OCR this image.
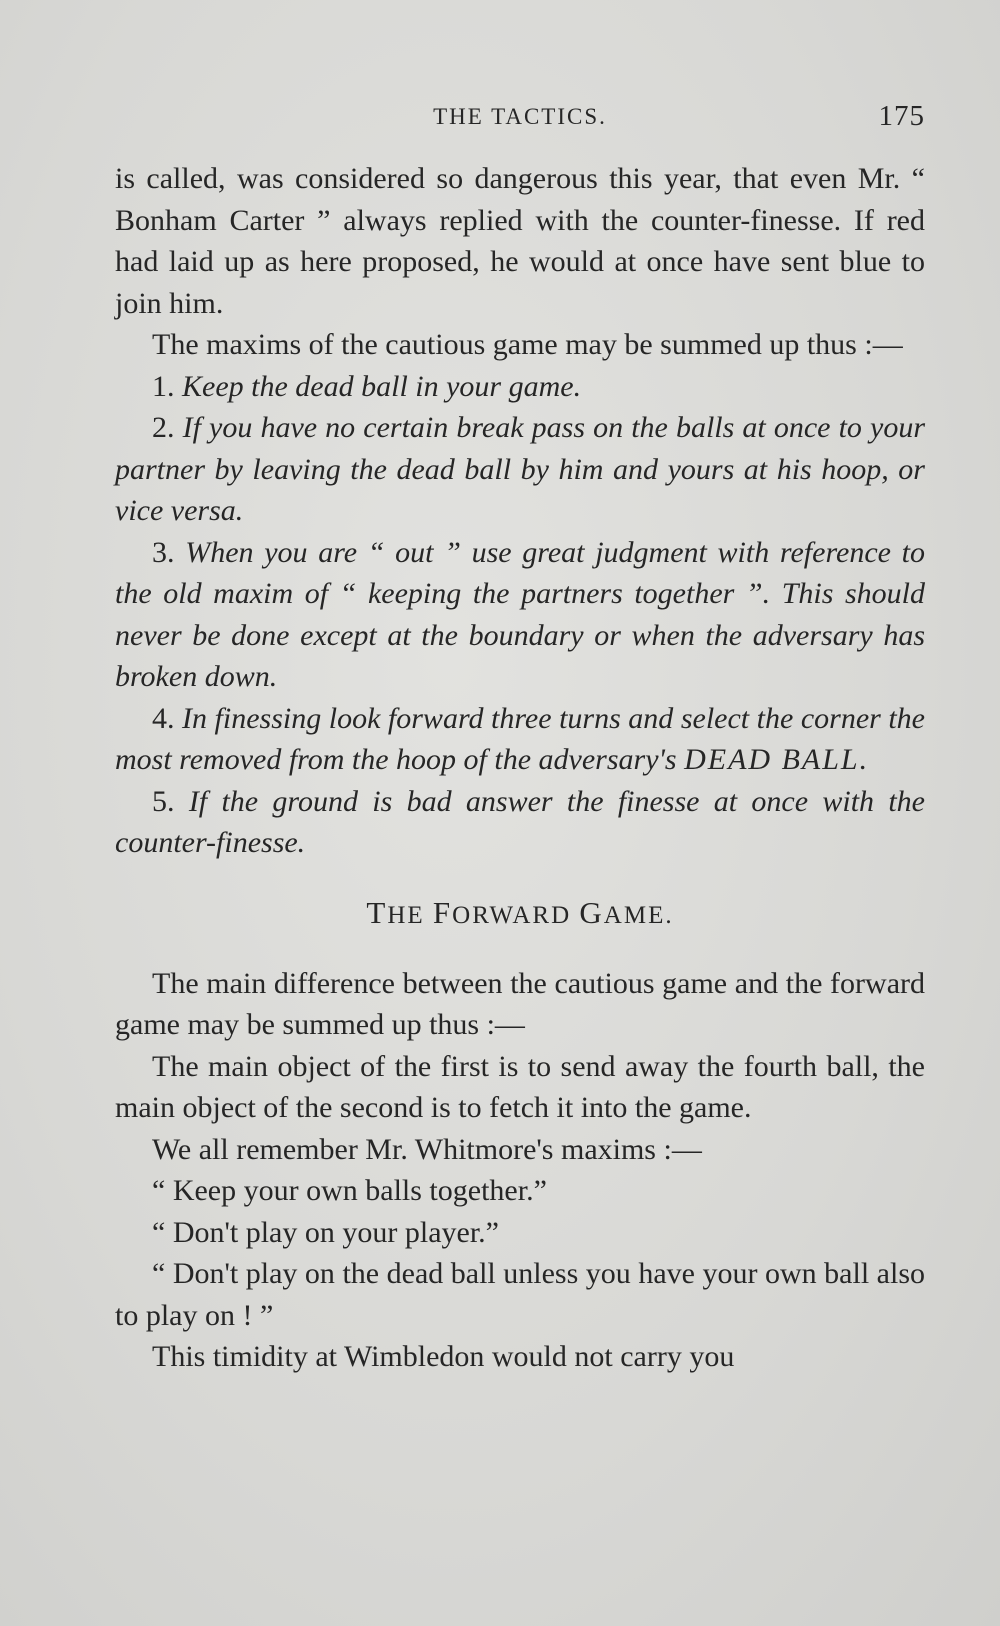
THE TACTICS.	175

is called, was considered so dangerous this year, that even Mr. “ Bonham Carter ” always replied with the counter-finesse. If red had laid up as here proposed, he would at once have sent blue to join him.

The maxims of the cautious game may be summed up thus :—

1. Keep the dead ball in your game.

2. If you have no certain break pass on the balls at once to your partner by leaving the dead ball by him and yours at his hoop, or vice versa.

3. When you are “ out ” use great judgment with reference to the old maxim of “ keeping the partners together ”. This should never be done except at the boundary or when the adversary has broken down.

4. In finessing look forward three turns and select the corner the most removed from the hoop of the adversary's DEAD BALL.

5. If the ground is bad answer the finesse at once with the counter-finesse.

THE FORWARD GAME.

The main difference between the cautious game and the forward game may be summed up thus :—

The main object of the first is to send away the fourth ball, the main object of the second is to fetch it into the game.

We all remember Mr. Whitmore's maxims :—

“ Keep your own balls together.”

“ Don't play on your player.”

“ Don't play on the dead ball unless you have your own ball also to play on ! ”

This timidity at Wimbledon would not carry you
